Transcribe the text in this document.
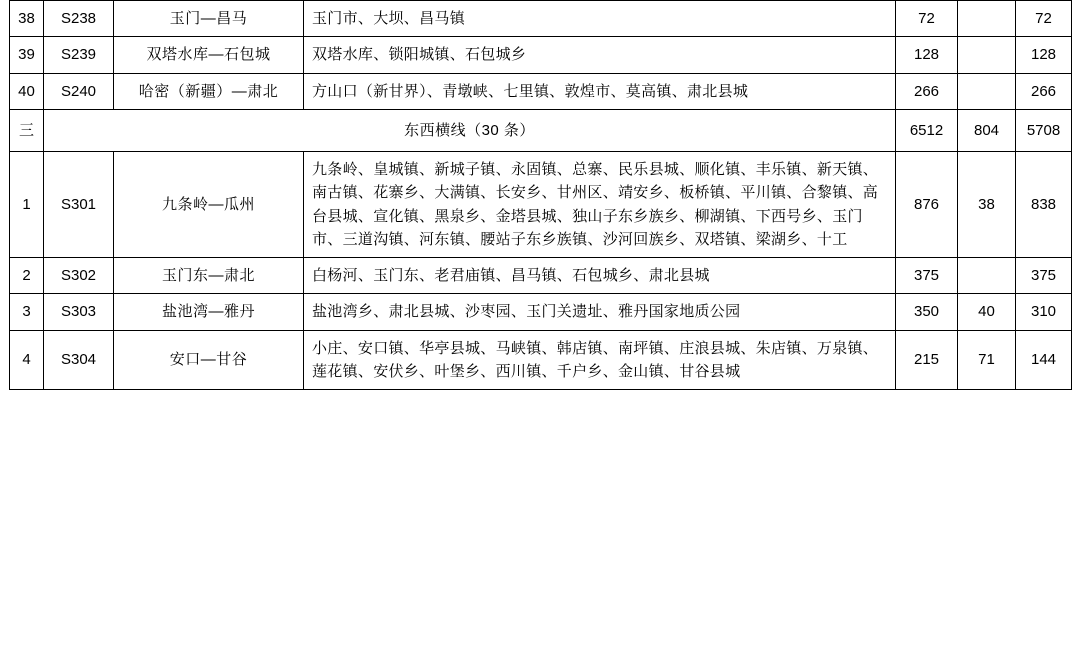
38	S238	玉门—昌马	玉门市、大坝、昌马镇	72		72
39	S239	双塔水库—石包城	双塔水库、锁阳城镇、石包城乡	128		128
40	S240	哈密（新疆）—肃北	方山口（新甘界）、青墩峡、七里镇、敦煌市、莫高镇、肃北县城	266		266
三	东西横线（30 条）			6512	804	5708
1	S301	九条岭—瓜州	九条岭、皇城镇、新城子镇、永固镇、总寨、民乐县城、顺化镇、丰乐镇、新天镇、南古镇、花寨乡、大满镇、长安乡、甘州区、靖安乡、板桥镇、平川镇、合黎镇、高台县城、宣化镇、黑泉乡、金塔县城、独山子东乡族乡、柳湖镇、下西号乡、玉门市、三道沟镇、河东镇、腰站子东乡族镇、沙河回族乡、双塔镇、梁湖乡、十工	876	38	838
2	S302	玉门东—肃北	白杨河、玉门东、老君庙镇、昌马镇、石包城乡、肃北县城	375		375
3	S303	盐池湾—雅丹	盐池湾乡、肃北县城、沙枣园、玉门关遗址、雅丹国家地质公园	350	40	310
4	S304	安口—甘谷	小庄、安口镇、华亭县城、马峡镇、韩店镇、南坪镇、庄浪县城、朱店镇、万泉镇、莲花镇、安伏乡、叶堡乡、西川镇、千户乡、金山镇、甘谷县城	215	71	144
